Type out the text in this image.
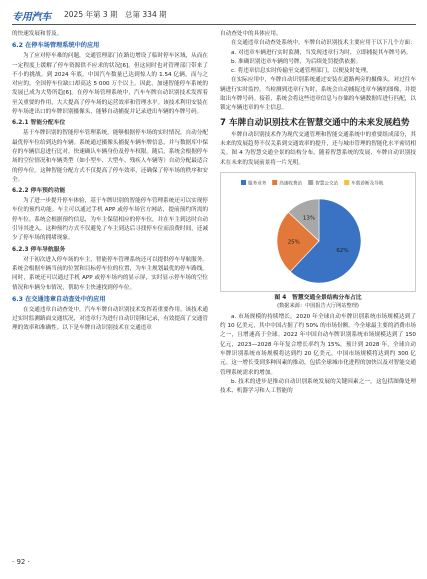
专用汽车	2025 年第 3 期　总第 334 期

的快速发展和普及。

6.2 在停车场管理系统中的应用

为了应对停车难的问题，交通管理部门在路边增设了临时停车区域，从而在一定程度上缓解了停车资源供不应求的状况[6]。但这同时也对管理部门带来了不小的挑战。到 2024 年底，中国汽车数量已达到惊人的 1.54 亿辆，而与之对应的，全国停车位缺口却高达 5 000 万个以上。因此，加速智能停车系统的发展已成为大势所趋[6]。在停车场管理系统中，汽车车牌自动识别技术发挥着至关重要的作用，大大提高了停车场的运营效率和管理水平。该技术利用安装在停车场进出口的车牌识别摄像头，能够自动捕捉并记录进出车辆的车牌号码。

6.2.1 智能分配车位

基于车牌识别的智能停车管理系统，能够根据停车场的实时情况，自动分配最优停车位给到达的车辆。系统通过摄像头捕捉车辆车牌信息，并与数据库中保存的车辆信息进行比对，快速确认车辆身份及停车权限。随后，系统会根据停车场的空位情况和车辆类型（如小型车、大型车、残疾人车辆等）自动分配最适合的停车位。这种智能分配方式不仅提高了停车效率，还确保了停车场的秩序和安全。

6.2.2 停车预约功能

为了进一步提升停车体验，基于车牌识别的智能停车管理系统还可以实现停车位的预约功能。车主可以通过手机 APP 或停车场官方网站，提前预约所需的停车位。系统会根据预约信息，为车主保留相应的停车位，并在车主到达时自动引导其进入。这种预约方式不仅避免了车主到达后寻找停车位而浪费时间，还减少了停车场的拥堵现象。

6.2.3 停车导航服务

对于初次进入停车场的车主，智能停车管理系统还可以提供停车导航服务。系统会根据车辆当前的位置和目标停车位的位置，为车主规划最优的停车路线。同时，系统还可以通过手机 APP 或停车场内的显示屏，实时显示停车场的空位情况和车辆分布情况，帮助车主快速找到停车位。

6.3 在交通违章自动查处中的应用

在交通违章自动查处中，汽车车牌自动识别技术发挥着重要作用。该技术通过实时监测路面交通状况，对违章行为进行自动识别和记录，有效提高了交通管理的效率和准确性。以下是车牌自动识别技术在交通违章

自动查处中的具体应用。

在交通违章自动查处系统中，车牌自动识别技术主要应用于以下几个方面：

a. 对违章车辆进行实时监测，当发现违章行为时，立即捕捉其车牌号码。

b. 准确识别违章车辆的号牌，为后续处罚提供依据。

c. 将违章信息实时传输至交通管理部门，以便及时处理。

在实际应用中，车牌自动识别系统通过安装在道路两旁的摄像头，对过往车辆进行实时监控。当检测到违章行为时，系统会自动捕捉违章车辆的图像，并提取出车牌号码。接着，系统会将这些违章信息与存储的车辆数据库进行匹配，以锁定车辆违章的车主信息。

7 车牌自动识别技术在智慧交通中的未来发展趋势

车牌自动识别技术作为现代交通管理和智能交通系统中的重要组成部分，其未来的发展趋势不仅关系到交通效率的提升，还与城市管理的智能化水平密切相关。图 4 为智慧交通全景的结构分布，随着智慧系统的发展，车牌自动识别技术在未来的发展前景将一片光明。

服务业务	高速收费站	智慧公交站	车载诊断及导航
62%
25%
13%
图 4　智慧交通全景结构分布占比
(数据来源：中国报告大厅网站整理)

a. 市场规模的持续增长。2020 年全球自动车牌识别系统市场规模达到了约 10 亿美元，其中中国占据了约 50% 的市场份额。今全球最主要的消费市场之一，且增速高于全球。2022 年中国自动车牌识别系统市场规模达到了 150 亿元，2023—2028 年年复合增长率约为 15%。预计到 2028 年，全球自动车牌识别系统市场规模将达到约 20 亿美元，中国市场规模将达到约 300 亿元。这一增长受到多种因素的推动，包括全球城市化进程的加快以及对智能交通管理系统需求的增加。

b. 技术的进步是推动自动识别系统发展的关键因素之一。这包括图像处理技术、机器学习和人工智能的

· 92 ·
